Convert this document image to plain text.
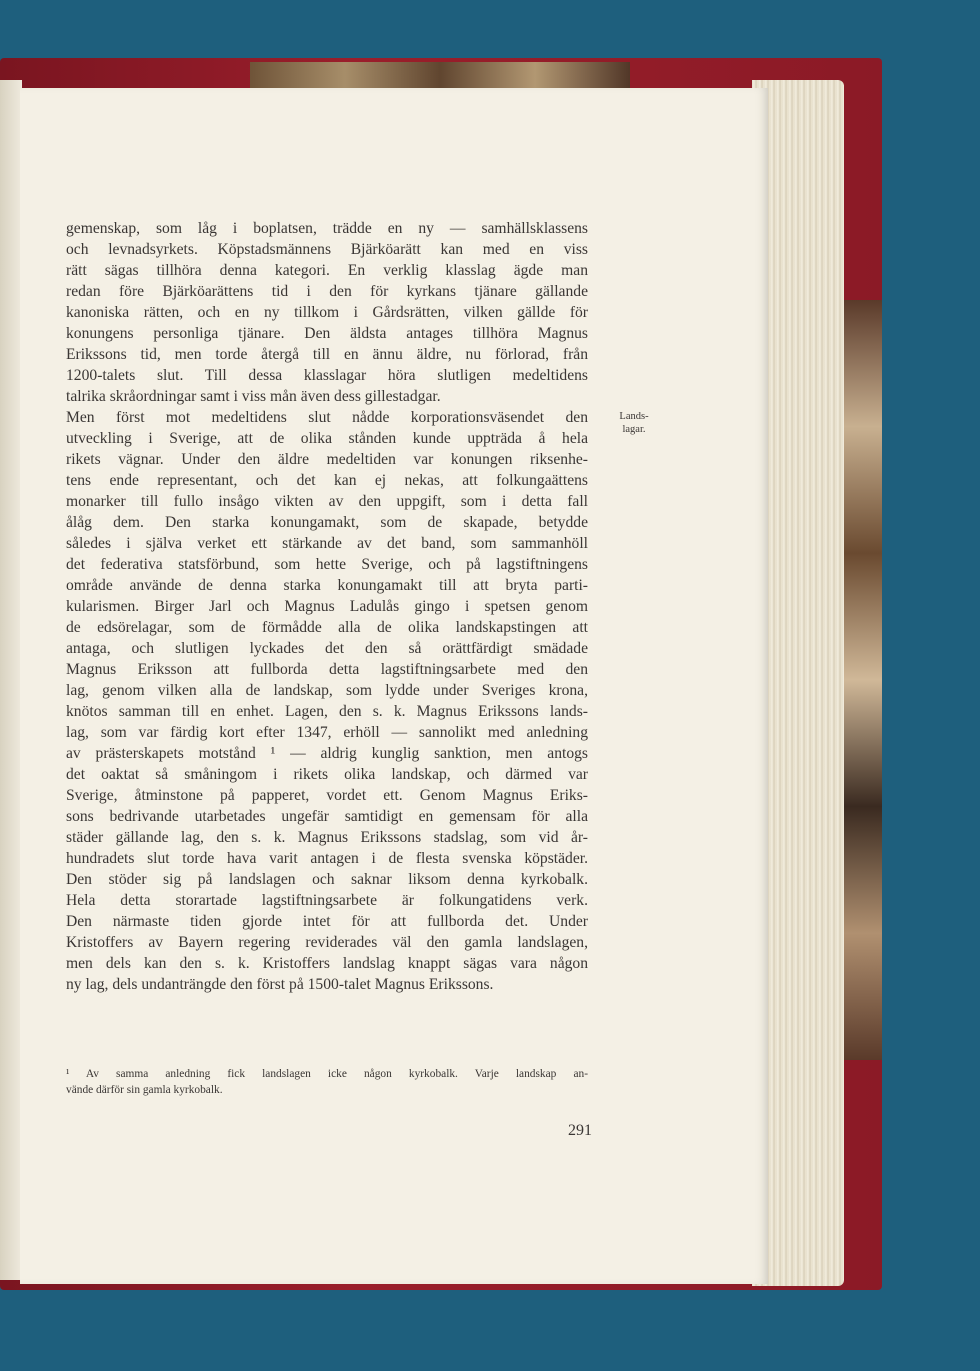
gemenskap, som låg i boplatsen, trädde en ny — samhällsklassens
och levnadsyrkets. Köpstadsmännens Bjärköarätt kan med en viss
rätt sägas tillhöra denna kategori. En verklig klasslag ägde man
redan före Bjärköarättens tid i den för kyrkans tjänare gällande
kanoniska rätten, och en ny tillkom i Gårdsrätten, vilken gällde för
konungens personliga tjänare. Den äldsta antages tillhöra Magnus
Erikssons tid, men torde återgå till en ännu äldre, nu förlorad, från
1200-talets slut. Till dessa klasslagar höra slutligen medeltidens
talrika skråordningar samt i viss mån även dess gillestadgar.
Men först mot medeltidens slut nådde korporationsväsendet den
utveckling i Sverige, att de olika stånden kunde uppträda å hela
rikets vägnar. Under den äldre medeltiden var konungen riksenhe-
tens ende representant, och det kan ej nekas, att folkungaättens
monarker till fullo insågo vikten av den uppgift, som i detta fall
ålåg dem. Den starka konungamakt, som de skapade, betydde
således i själva verket ett stärkande av det band, som sammanhöll
det federativa statsförbund, som hette Sverige, och på lagstiftningens
område använde de denna starka konungamakt till att bryta parti-
kularismen. Birger Jarl och Magnus Ladulås gingo i spetsen genom
de edsörelagar, som de förmådde alla de olika landskapstingen att
antaga, och slutligen lyckades det den så orättfärdigt smädade
Magnus Eriksson att fullborda detta lagstiftningsarbete med den
lag, genom vilken alla de landskap, som lydde under Sveriges krona,
knötos samman till en enhet. Lagen, den s. k. Magnus Erikssons lands-
lag, som var färdig kort efter 1347, erhöll — sannolikt med anledning
av prästerskapets motstånd ¹ — aldrig kunglig sanktion, men antogs
det oaktat så småningom i rikets olika landskap, och därmed var
Sverige, åtminstone på papperet, vordet ett. Genom Magnus Eriks-
sons bedrivande utarbetades ungefär samtidigt en gemensam för alla
städer gällande lag, den s. k. Magnus Erikssons stadslag, som vid år-
hundradets slut torde hava varit antagen i de flesta svenska köpstäder.
Den stöder sig på landslagen och saknar liksom denna kyrkobalk.
Hela detta storartade lagstiftningsarbete är folkungatidens verk.
Den närmaste tiden gjorde intet för att fullborda det. Under
Kristoffers av Bayern regering reviderades väl den gamla landslagen,
men dels kan den s. k. Kristoffers landslag knappt sägas vara någon
ny lag, dels undanträngde den först på 1500-talet Magnus Erikssons.
Lands-
lagar.
¹ Av samma anledning fick landslagen icke någon kyrkobalk. Varje landskap an-
vände därför sin gamla kyrkobalk.
291
